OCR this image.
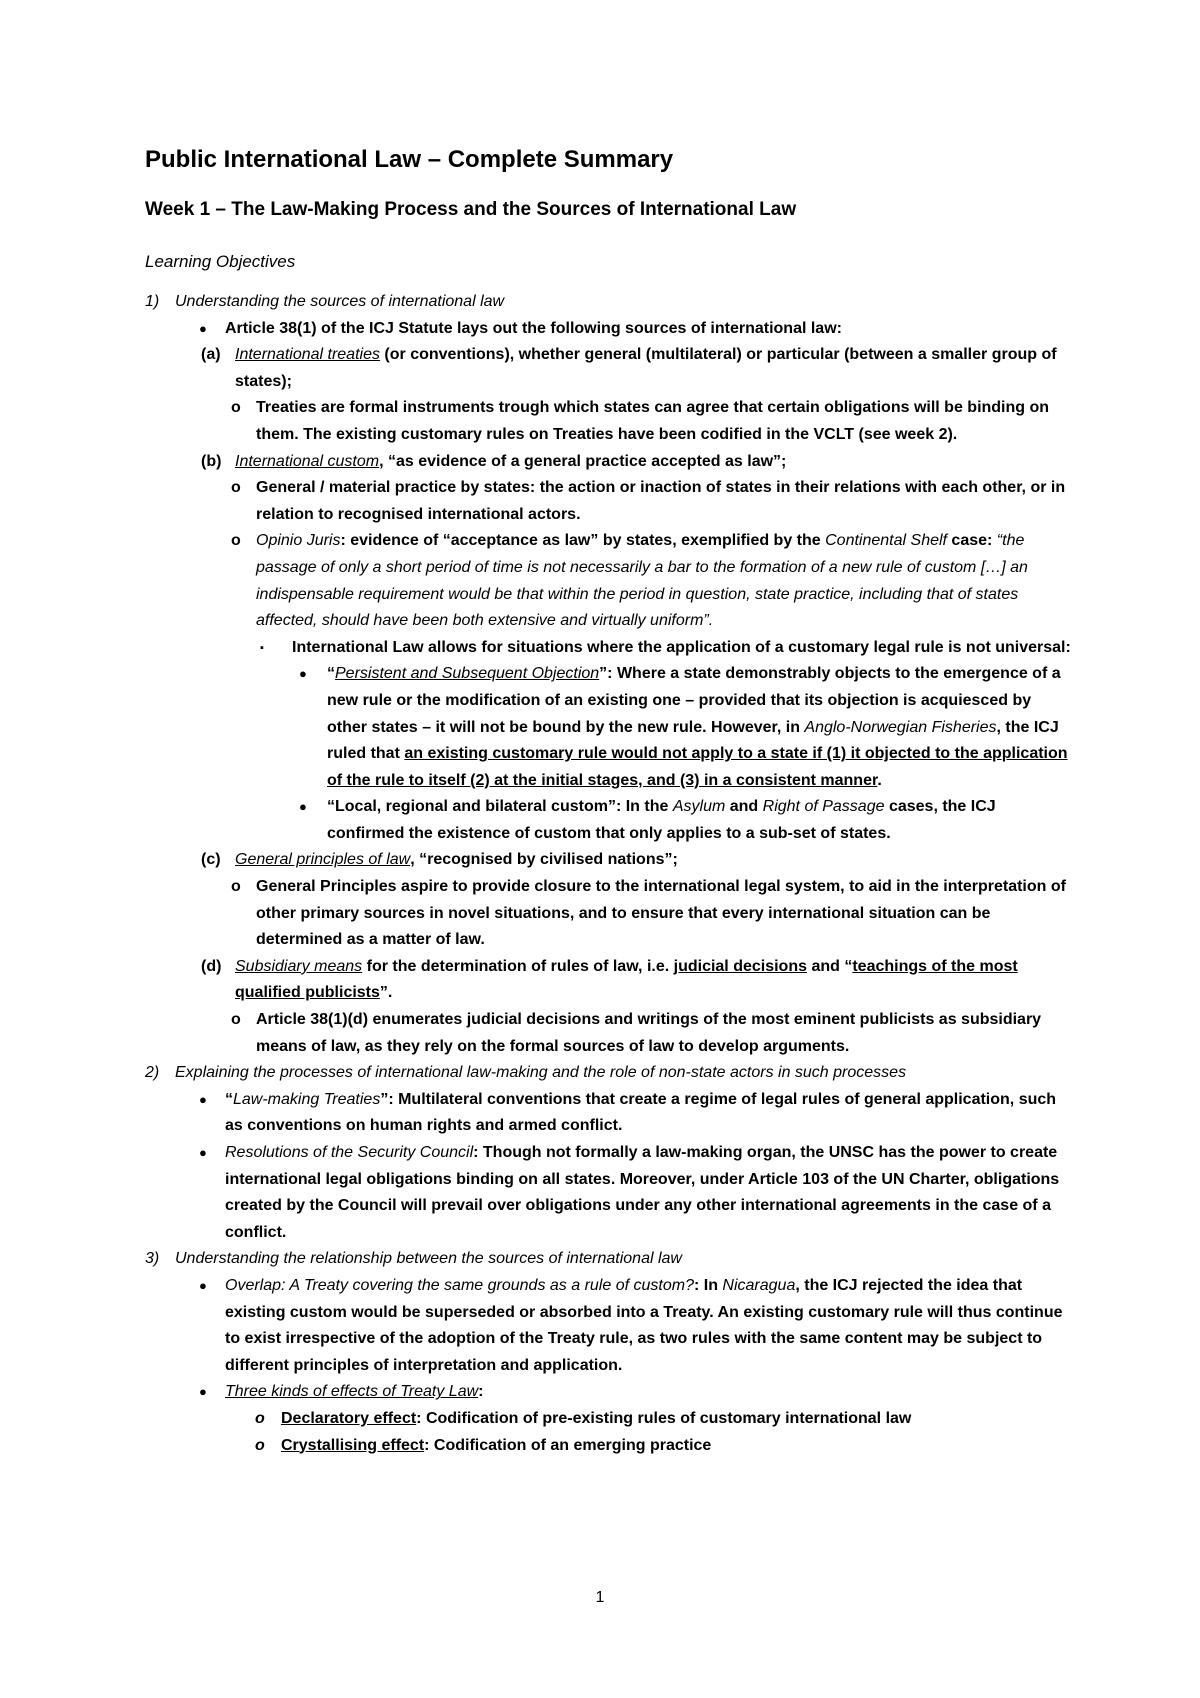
Public International Law – Complete Summary
Week 1 – The Law-Making Process and the Sources of International Law

Learning Objectives

1) Understanding the sources of international law
●	Article 38(1) of the ICJ Statute lays out the following sources of international law:
(a) International treaties (or conventions), whether general (multilateral) or particular (between a smaller group of states);
o Treaties are formal instruments trough which states can agree that certain obligations will be binding on them. The existing customary rules on Treaties have been codified in the VCLT (see week 2).
(b) International custom, “as evidence of a general practice accepted as law”;
o General / material practice by states: the action or inaction of states in their relations with each other, or in relation to recognised international actors.
o Opinio Juris: evidence of “acceptance as law” by states, exemplified by the Continental Shelf case: “the passage of only a short period of time is not necessarily a bar to the formation of a new rule of custom […] an indispensable requirement would be that within the period in question, state practice, including that of states affected, should have been both extensive and virtually uniform”.
▪	International Law allows for situations where the application of a customary legal rule is not universal:
●	“Persistent and Subsequent Objection”: Where a state demonstrably objects to the emergence of a new rule or the modification of an existing one – provided that its objection is acquiesced by other states – it will not be bound by the new rule. However, in Anglo-Norwegian Fisheries, the ICJ ruled that an existing customary rule would not apply to a state if (1) it objected to the application of the rule to itself (2) at the initial stages, and (3) in a consistent manner.
●	“Local, regional and bilateral custom”: In the Asylum and Right of Passage cases, the ICJ confirmed the existence of custom that only applies to a sub-set of states.
(c) General principles of law, “recognised by civilised nations”;
o General Principles aspire to provide closure to the international legal system, to aid in the interpretation of other primary sources in novel situations, and to ensure that every international situation can be determined as a matter of law.
(d) Subsidiary means for the determination of rules of law, i.e. judicial decisions and “teachings of the most qualified publicists”.
o Article 38(1)(d) enumerates judicial decisions and writings of the most eminent publicists as subsidiary means of law, as they rely on the formal sources of law to develop arguments.
2) Explaining the processes of international law-making and the role of non-state actors in such processes
●	“Law-making Treaties”: Multilateral conventions that create a regime of legal rules of general application, such as conventions on human rights and armed conflict.
●	Resolutions of the Security Council: Though not formally a law-making organ, the UNSC has the power to create international legal obligations binding on all states. Moreover, under Article 103 of the UN Charter, obligations created by the Council will prevail over obligations under any other international agreements in the case of a conflict.
3) Understanding the relationship between the sources of international law
●	Overlap: A Treaty covering the same grounds as a rule of custom?: In Nicaragua, the ICJ rejected the idea that existing custom would be superseded or absorbed into a Treaty. An existing customary rule will thus continue to exist irrespective of the adoption of the Treaty rule, as two rules with the same content may be subject to different principles of interpretation and application.
●	Three kinds of effects of Treaty Law:
o	Declaratory effect: Codification of pre-existing rules of customary international law
o	Crystallising effect: Codification of an emerging practice
1
